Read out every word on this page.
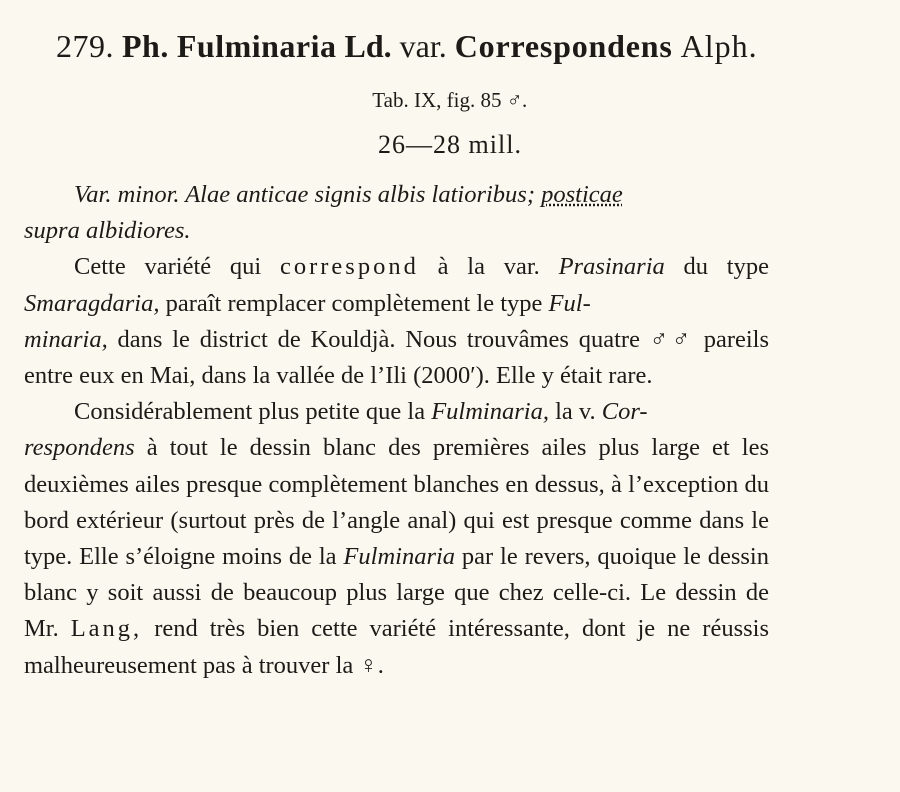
279. Ph. Fulminaria Ld. var. Correspondens Alph.
Tab. IX, fig. 85 ♂.
26—28 mill.

Var. minor. Alae anticae signis albis latioribus; posticae
supra albidiores.

Cette variété qui correspond à la var. Prasinaria du type Smaragdaria, paraît remplacer complètement le type Ful-
minaria, dans le district de Kouldjà. Nous trouvâmes quatre ♂♂ pareils entre eux en Mai, dans la vallée de l’Ili (2000′). Elle y était rare.

Considérablement plus petite que la Fulminaria, la v. Cor-
respondens à tout le dessin blanc des premières ailes plus large et les deuxièmes ailes presque complètement blanches en dessus, à l’exception du bord extérieur (surtout près de l’angle anal) qui est presque comme dans le type. Elle s’éloigne moins de la Fulminaria par le revers, quoique le dessin blanc y soit aussi de beaucoup plus large que chez celle-ci. Le dessin de Mr. Lang, rend très bien cette variété intéressante, dont je ne réussis malheureusement pas à trouver la ♀.
